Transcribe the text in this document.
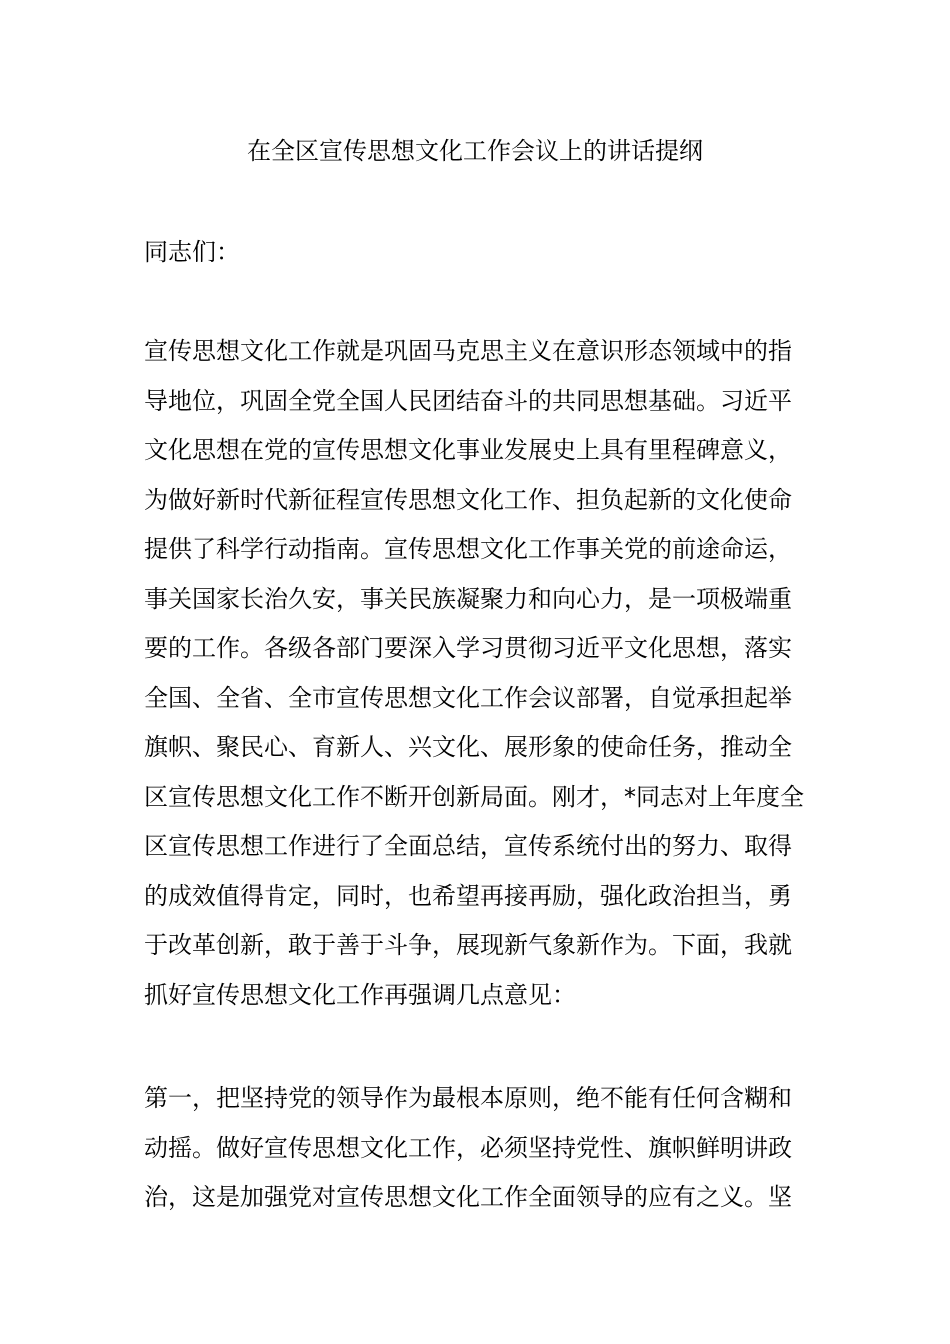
在全区宣传思想文化工作会议上的讲话提纲

同志们：

宣传思想文化工作就是巩固马克思主义在意识形态领域中的指
导地位，巩固全党全国人民团结奋斗的共同思想基础。习近平
文化思想在党的宣传思想文化事业发展史上具有里程碑意义，
为做好新时代新征程宣传思想文化工作、担负起新的文化使命
提供了科学行动指南。宣传思想文化工作事关党的前途命运，
事关国家长治久安，事关民族凝聚力和向心力，是一项极端重
要的工作。各级各部门要深入学习贯彻习近平文化思想，落实
全国、全省、全市宣传思想文化工作会议部署，自觉承担起举
旗帜、聚民心、育新人、兴文化、展形象的使命任务，推动全
区宣传思想文化工作不断开创新局面。刚才，*同志对上年度全
区宣传思想工作进行了全面总结，宣传系统付出的努力、取得
的成效值得肯定，同时，也希望再接再励，强化政治担当，勇
于改革创新，敢于善于斗争，展现新气象新作为。下面，我就
抓好宣传思想文化工作再强调几点意见：

第一，把坚持党的领导作为最根本原则，绝不能有任何含糊和
动摇。做好宣传思想文化工作，必须坚持党性、旗帜鲜明讲政
治，这是加强党对宣传思想文化工作全面领导的应有之义。坚
